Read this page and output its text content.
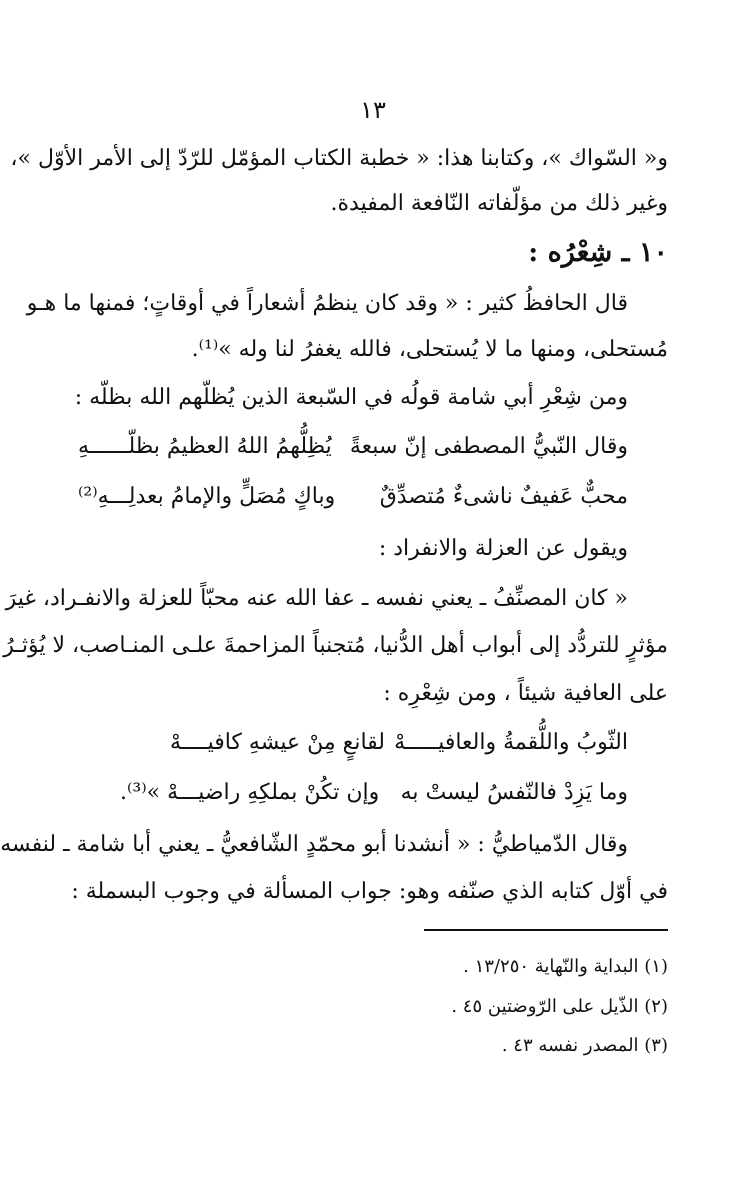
١٣
و« السّواك »، وكتابنا هذا: « خطبة الكتاب المؤمّل للرّدّ إلى الأمر الأوّل »،
وغير ذلك من مؤلّفاته النّافعة المفيدة.
١٠ ـ شِعْرُه :
قال الحافظُ كثير : « وقد كان ينظمُ أشعاراً في أوقاتٍ؛ فمنها ما هـو
مُستحلى، ومنها ما لا يُستحلى، فالله يغفرُ لنا وله »⁽¹⁾.
ومن شِعْرِ أبي شامة قولُه في السّبعة الذين يُظلّهم الله بظلّه :
وقال النّبيُّ المصطفى إنّ سبعةً
يُظِلُّهمُ اللهُ العظيمُ بظلّــــــهِ
محبٌّ عَفيفٌ ناشىءٌ مُتصدِّقٌ
وباكٍ مُصَلٍّ والإمامُ بعدلِـــهِ⁽²⁾
ويقول عن العزلة والانفراد :
« كان المصنِّفُ ـ يعني نفسه ـ عفا الله عنه محبّاً للعزلة والانفـراد، غيرَ
مؤثرٍ للتردُّد إلى أبواب أهل الدُّنيا، مُتجنباً المزاحمةَ علـى المنـاصب، لا يُؤثـرُ
على العافية شيئاً ، ومن شِعْرِه :
الثّوبُ واللُّقمةُ والعافيـــــهْ
لقانعٍ مِنْ عيشهِ كافيــــهْ
وما يَزِدْ فالنّفسُ ليستْ به
وإن تكُنْ بملكِهِ راضيـــهْ »⁽³⁾.
وقال الدّمياطيُّ : « أنشدنا أبو محمّدٍ الشّافعيُّ ـ يعني أبا شامة ـ لنفسه
في أوّل كتابه الذي صنّفه وهو: جواب المسألة في وجوب البسملة :
(١) البداية والنّهاية ١٣/٢٥٠ .
(٢) الذّيل على الرّوضتين ٤٥ .
(٣) المصدر نفسه ٤٣ .
